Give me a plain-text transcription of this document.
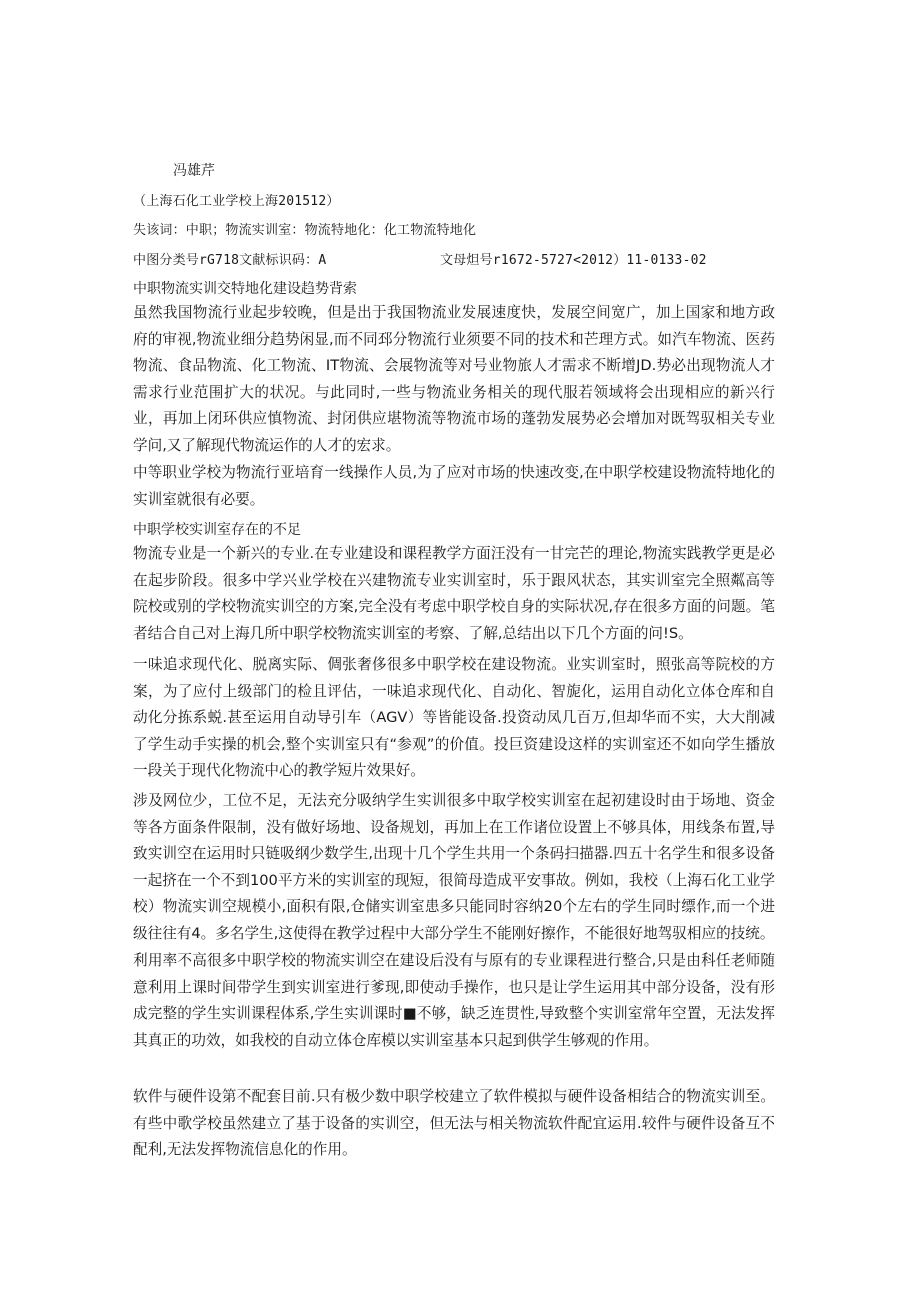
冯雄芹

（上海石化工业学校上海201512）

失该词：中职；物流实训室：物流特地化：化工物流特地化

中图分类号rG718文献标识码：A	文母炟号r1672-5727<2012）11-0133-02

中职物流实训交特地化建设趋势背索

虽然我国物流行业起步较晚，但是出于我国物流业发展速度快，发展空间宽广，加上国家和地方政府的审视,物流业细分趋势闲显,而不同邳分物流行业须要不同的技术和芒理方式。如汽车物流、医药物流、食品物流、化工物流、IT物流、会展物流等对号业物旅人才需求不断增JD.势必出现物流人才需求行业范围扩大的状况。与此同时,一些与物流业务相关的现代服若领域将会出现相应的新兴行业，再加上闭环供应慎物流、封闭供应堪物流等物流市场的蓬勃发展势必会增加对既驾驭相关专业学问,又了解现代物流运作的人才的宏求。

中等职业学校为物流行亚培育一线操作人员,为了应对市场的快速改变,在中职学校建设物流特地化的实训室就很有必要。

中职学校实训室存在的不足

物流专业是一个新兴的专业.在专业建设和课程教学方面汪没有一甘完芒的理论,物流实践教学更是必在起步阶段。很多中学兴业学校在兴建物流专业实训室时，乐于跟风状态，其实训室完全照粼高等院校或别的学校物流实训空的方案,完全没有考虑中职学校自身的实际状况,存在很多方面的问题。笔者结合自己对上海几所中职学校物流实训室的考察、了解,总结出以下几个方面的问!S。

一味追求现代化、脱离实际、倜张奢侈很多中职学校在建设物流。业实训室时，照张高等院校的方案，为了应付上级部门的检且评估，一味追求现代化、自动化、智旎化，运用自动化立体仓库和自动化分拣系蜕.甚至运用自动导引车（AGV）等皆能设备.投资动凤几百万,但却华而不实，大大削减了学生动手实操的机会,整个实训室只有“参观”的价值。投巨资建设这样的实训室还不如向学生播放一段关于现代化物流中心的教学短片效果好。

涉及网位少，工位不足，无法充分吸纳学生实训很多中取学校实训室在起初建设时由于场地、资金等各方面条件限制，没有做好场地、设备规划，再加上在工作诸位设置上不够具体，用线条布置,导致实训空在运用时只链吸纲少数学生,出现十几个学生共用一个条码扫描器.四五十名学生和很多设备一起挤在一个不到100平方米的实训室的现短，很简母造成平安事故。例如，我校（上海石化工业学校）物流实训空规模小,面积有限,仓储实训室患多只能同时容纳20个左右的学生同时缥作,而一个进级往往有4。多名学生,这使得在教学过程中大部分学生不能刚好擦作，不能很好地驾驭相应的技统。

利用率不高很多中职学校的物流实训空在建设后没有与原有的专业课程进行整合,只是由科任老师随意利用上课时间带学生到实训室进行爹现,即使动手操作，也只是让学生运用其中部分设备，没有形成完整的学生实训课程体系,学生实训课时■不够，缺乏连贯性,导致整个实训室常年空置，无法发挥其真正的功效，如我校的自动立体仓库模以实训室基本只起到供学生够观的作用。

软件与硬件设第不配套目前.只有极少数中职学校建立了软件模拟与硬件设备相结合的物流实训至。有些中歌学校虽然建立了基于设备的实训空，但无法与相关物流软件配宜运用.较件与硬件设备互不配利,无法发挥物流信息化的作用。
